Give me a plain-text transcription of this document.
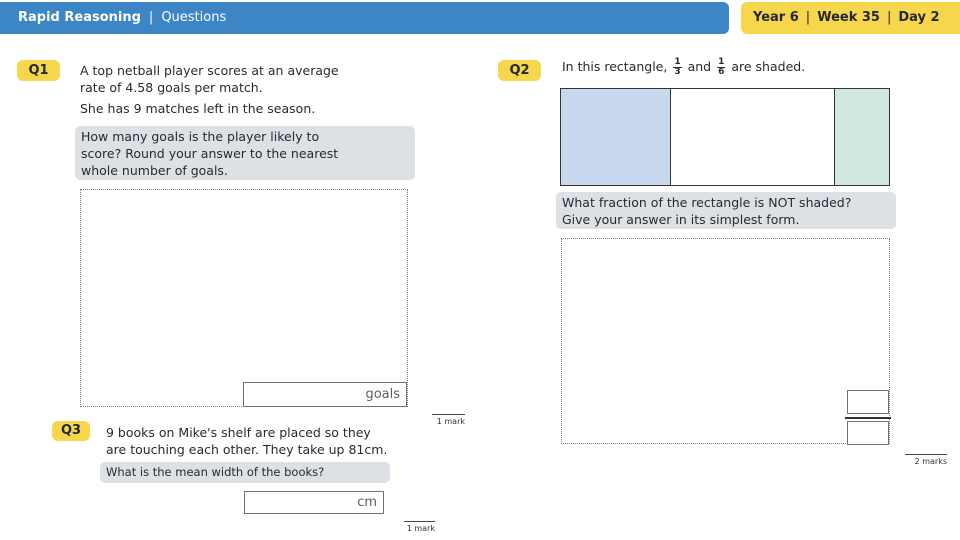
Rapid Reasoning | Questions	Year 6 | Week 35 | Day 2
Q1	A top netball player scores at an average
rate of 4.58 goals per match.
She has 9 matches left in the season.
How many goals is the player likely to
score? Round your answer to the nearest
whole number of goals.
goals
1 mark
Q2	In this rectangle, $\frac{1}{3}$ and $\frac{1}{6}$ are shaded.
What fraction of the rectangle is NOT shaded?
Give your answer in its simplest form.
2 marks
Q3	9 books on Mike's shelf are placed so they
are touching each other. They take up 81cm.
What is the mean width of the books?
cm
1 mark
